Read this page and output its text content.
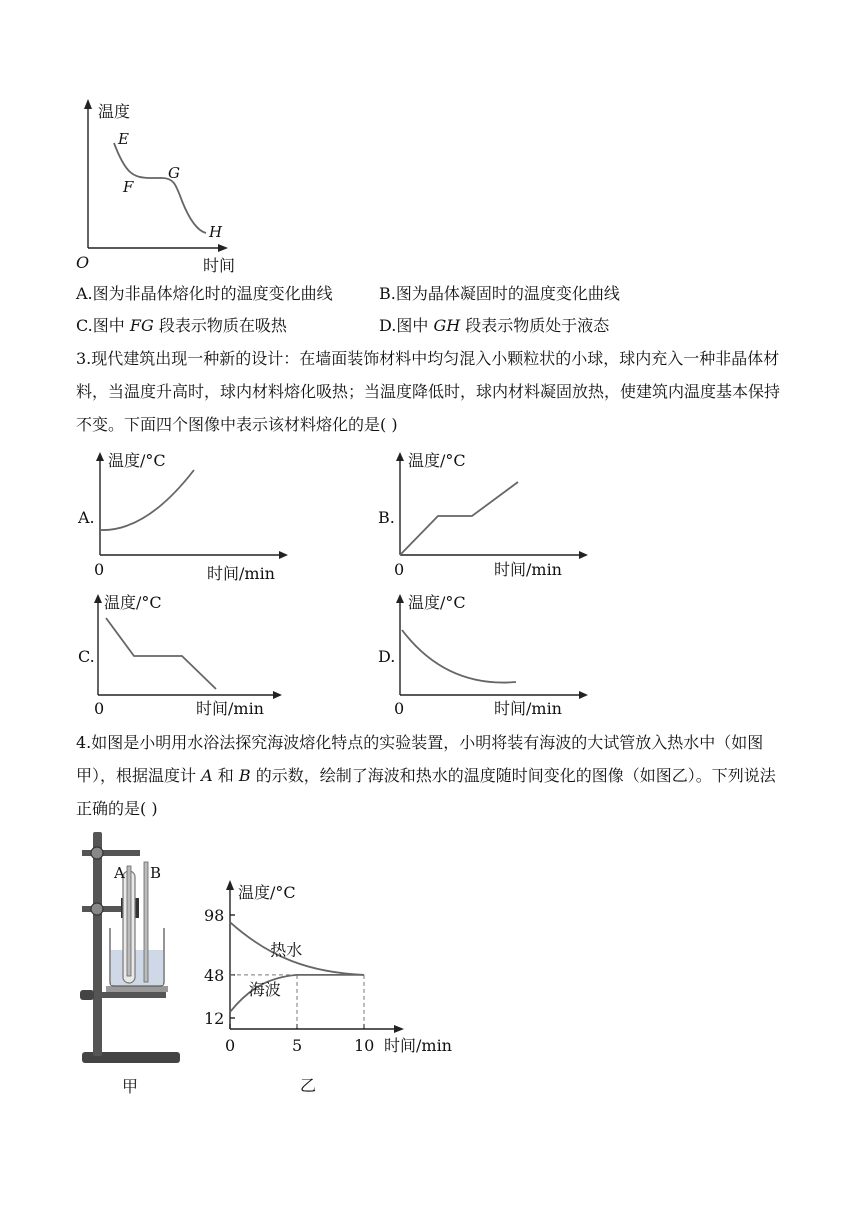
温度
时间
O
E
F
G
H
A.图为非晶体熔化时的温度变化曲线	B.图为晶体凝固时的温度变化曲线
C.图中 FG 段表示物质在吸热	D.图中 GH 段表示物质处于液态
3.现代建筑出现一种新的设计：在墙面装饰材料中均匀混入小颗粒状的小球，球内充入一种非晶体材料，当温度升高时，球内材料熔化吸热；当温度降低时，球内材料凝固放热，使建筑内温度基本保持不变。下面四个图像中表示该材料熔化的是( )
A.
温度/°C
时间/min
0
B.
温度/°C
时间/min
0
C.
温度/°C
时间/min
0
D.
温度/°C
时间/min
0
4.如图是小明用水浴法探究海波熔化特点的实验装置，小明将装有海波的大试管放入热水中（如图甲），根据温度计 A 和 B 的示数，绘制了海波和热水的温度随时间变化的图像（如图乙）。下列说法正确的是( )
A B
甲
温度/°C
时间/min
乙
98
48
12
0	5	10
热水
海波
